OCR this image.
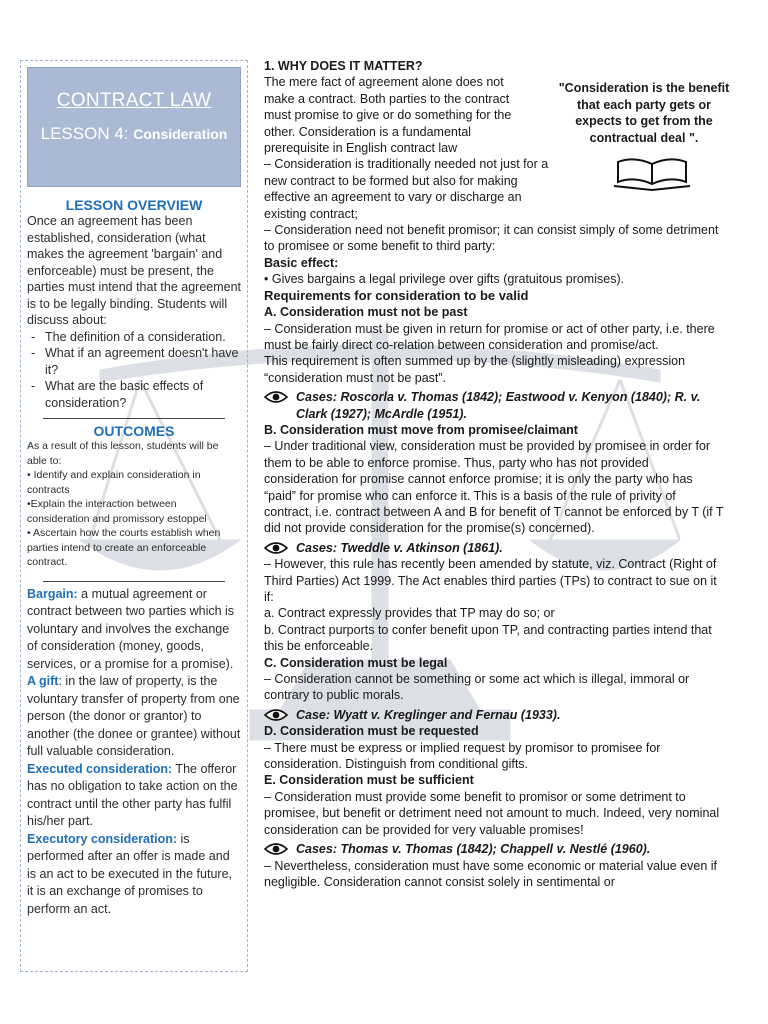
CONTRACT LAW
LESSON 4: Consideration
LESSON OVERVIEW
Once an agreement has been established, consideration (what makes the agreement 'bargain' and enforceable) must be present, the parties must intend that the agreement is to be legally binding. Students will discuss about:
- The definition of a consideration.
- What if an agreement doesn't have it?
- What are the basic effects of consideration?
OUTCOMES
As a result of this lesson, students will be able to:
• Identify and explain consideration in contracts
•Explain the interaction between consideration and promissory estoppel
• Ascertain how the courts establish when parties intend to create an enforceable contract.
Bargain: a mutual agreement or contract between two parties which is voluntary and involves the exchange of consideration (money, goods, services, or a promise for a promise).
A gift: in the law of property, is the voluntary transfer of property from one person (the donor or grantor) to another (the donee or grantee) without full valuable consideration.
Executed consideration: The offeror has no obligation to take action on the contract until the other party has fulfil his/her part.
Executory consideration: is performed after an offer is made and is an act to be executed in the future, it is an exchange of promises to perform an act.
"Consideration is the benefit that each party gets or expects to get from the contractual deal ".

1. WHY DOES IT MATTER?

The mere fact of agreement alone does not make a contract. Both parties to the contract must promise to give or do something for the other. Consideration is a fundamental prerequisite in English contract law

– Consideration is traditionally needed not just for a new contract to be formed but also for making effective an agreement to vary or discharge an existing contract;

– Consideration need not benefit promisor; it can consist simply of some detriment to promisee or some benefit to third party:

Basic effect:

• Gives bargains a legal privilege over gifts (gratuitous promises).

Requirements for consideration to be valid

A. Consideration must not be past

– Consideration must be given in return for promise or act of other party, i.e. there must be fairly direct co-relation between consideration and promise/act.

This requirement is often summed up by the (slightly misleading) expression “consideration must not be past”.

Cases: Roscorla v. Thomas (1842); Eastwood v. Kenyon (1840); R. v. Clark (1927); McArdle (1951).

B. Consideration must move from promisee/claimant

– Under traditional view, consideration must be provided by promisee in order for them to be able to enforce promise. Thus, party who has not provided consideration for promise cannot enforce promise; it is only the party who has “paid” for promise who can enforce it. This is a basis of the rule of privity of contract, i.e. contract between A and B for benefit of T cannot be enforced by T (if T did not provide consideration for the promise(s) concerned).

Cases: Tweddle v. Atkinson (1861).

– However, this rule has recently been amended by statute, viz. Contract (Right of Third Parties) Act 1999. The Act enables third parties (TPs) to contract to sue on it if:

a. Contract expressly provides that TP may do so; or

b. Contract purports to confer benefit upon TP, and contracting parties intend that this be enforceable.

C. Consideration must be legal

– Consideration cannot be something or some act which is illegal, immoral or contrary to public morals.

Case: Wyatt v. Kreglinger and Fernau (1933).

D. Consideration must be requested

– There must be express or implied request by promisor to promisee for consideration. Distinguish from conditional gifts.

E. Consideration must be sufficient

– Consideration must provide some benefit to promisor or some detriment to promisee, but benefit or detriment need not amount to much. Indeed, very nominal consideration can be provided for very valuable promises!

Cases: Thomas v. Thomas (1842); Chappell v. Nestlé (1960).

– Nevertheless, consideration must have some economic or material value even if negligible. Consideration cannot consist solely in sentimental or
